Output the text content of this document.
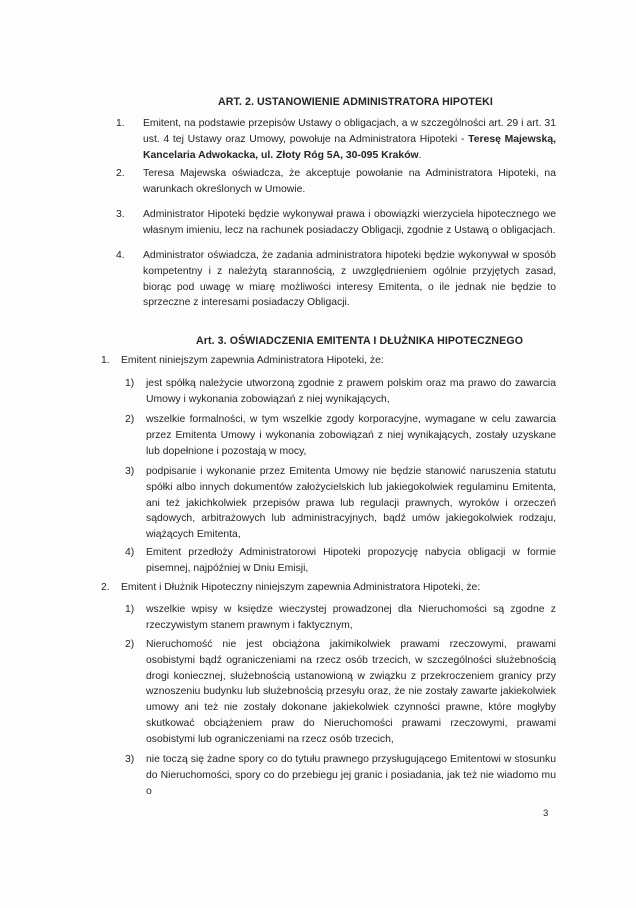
ART. 2. USTANOWIENIE ADMINISTRATORA HIPOTEKI
1. Emitent, na podstawie przepisów Ustawy o obligacjach, a w szczególności art. 29 i art. 31 ust. 4 tej Ustawy oraz Umowy, powołuje na Administratora Hipoteki - Teresę Majewską, Kancelaria Adwokacka, ul. Złoty Róg 5A, 30-095 Kraków.
2. Teresa Majewska oświadcza, że akceptuje powołanie na Administratora Hipoteki, na warunkach określonych w Umowie.
3. Administrator Hipoteki będzie wykonywał prawa i obowiązki wierzyciela hipotecznego we własnym imieniu, lecz na rachunek posiadaczy Obligacji, zgodnie z Ustawą o obligacjach.
4. Administrator oświadcza, że zadania administratora hipoteki będzie wykonywał w sposób kompetentny i z należytą starannością, z uwzględnieniem ogólnie przyjętych zasad, biorąc pod uwagę w miarę możliwości interesy Emitenta, o ile jednak nie będzie to sprzeczne z interesami posiadaczy Obligacji.
Art. 3. OŚWIADCZENIA EMITENTA I DŁUŻNIKA HIPOTECZNEGO
1. Emitent niniejszym zapewnia Administratora Hipoteki, że:
1) jest spółką należycie utworzoną zgodnie z prawem polskim oraz ma prawo do zawarcia Umowy i wykonania zobowiązań z niej wynikających,
2) wszelkie formalności, w tym wszelkie zgody korporacyjne, wymagane w celu zawarcia przez Emitenta Umowy i wykonania zobowiązań z niej wynikających, zostały uzyskane lub dopełnione i pozostają w mocy,
3) podpisanie i wykonanie przez Emitenta Umowy nie będzie stanowić naruszenia statutu spółki albo innych dokumentów założycielskich lub jakiegokolwiek regulaminu Emitenta, ani też jakichkolwiek przepisów prawa lub regulacji prawnych, wyroków i orzeczeń sądowych, arbitrażowych lub administracyjnych, bądź umów jakiegokolwiek rodzaju, wiążących Emitenta,
4) Emitent przedłoży Administratorowi Hipoteki propozycję nabycia obligacji w formie pisemnej, najpóźniej w Dniu Emisji,
2. Emitent i Dłużnik Hipoteczny niniejszym zapewnia Administratora Hipoteki, że:
1) wszelkie wpisy w księdze wieczystej prowadzonej dla Nieruchomości są zgodne z rzeczywistym stanem prawnym i faktycznym,
2) Nieruchomość nie jest obciążona jakimikolwiek prawami rzeczowymi, prawami osobistymi bądź ograniczeniami na rzecz osób trzecich, w szczególności służebnością drogi koniecznej, służebnością ustanowioną w związku z przekroczeniem granicy przy wznoszeniu budynku lub służebnością przesyłu oraz, że nie zostały zawarte jakiekolwiek umowy ani też nie zostały dokonane jakiekolwiek czynności prawne, które mogłyby skutkować obciążeniem praw do Nieruchomości prawami rzeczowymi, prawami osobistymi lub ograniczeniami na rzecz osób trzecich,
3) nie toczą się żadne spory co do tytułu prawnego przysługującego Emitentowi w stosunku do Nieruchomości, spory co do przebiegu jej granic i posiadania, jak też nie wiadomo mu o
3
